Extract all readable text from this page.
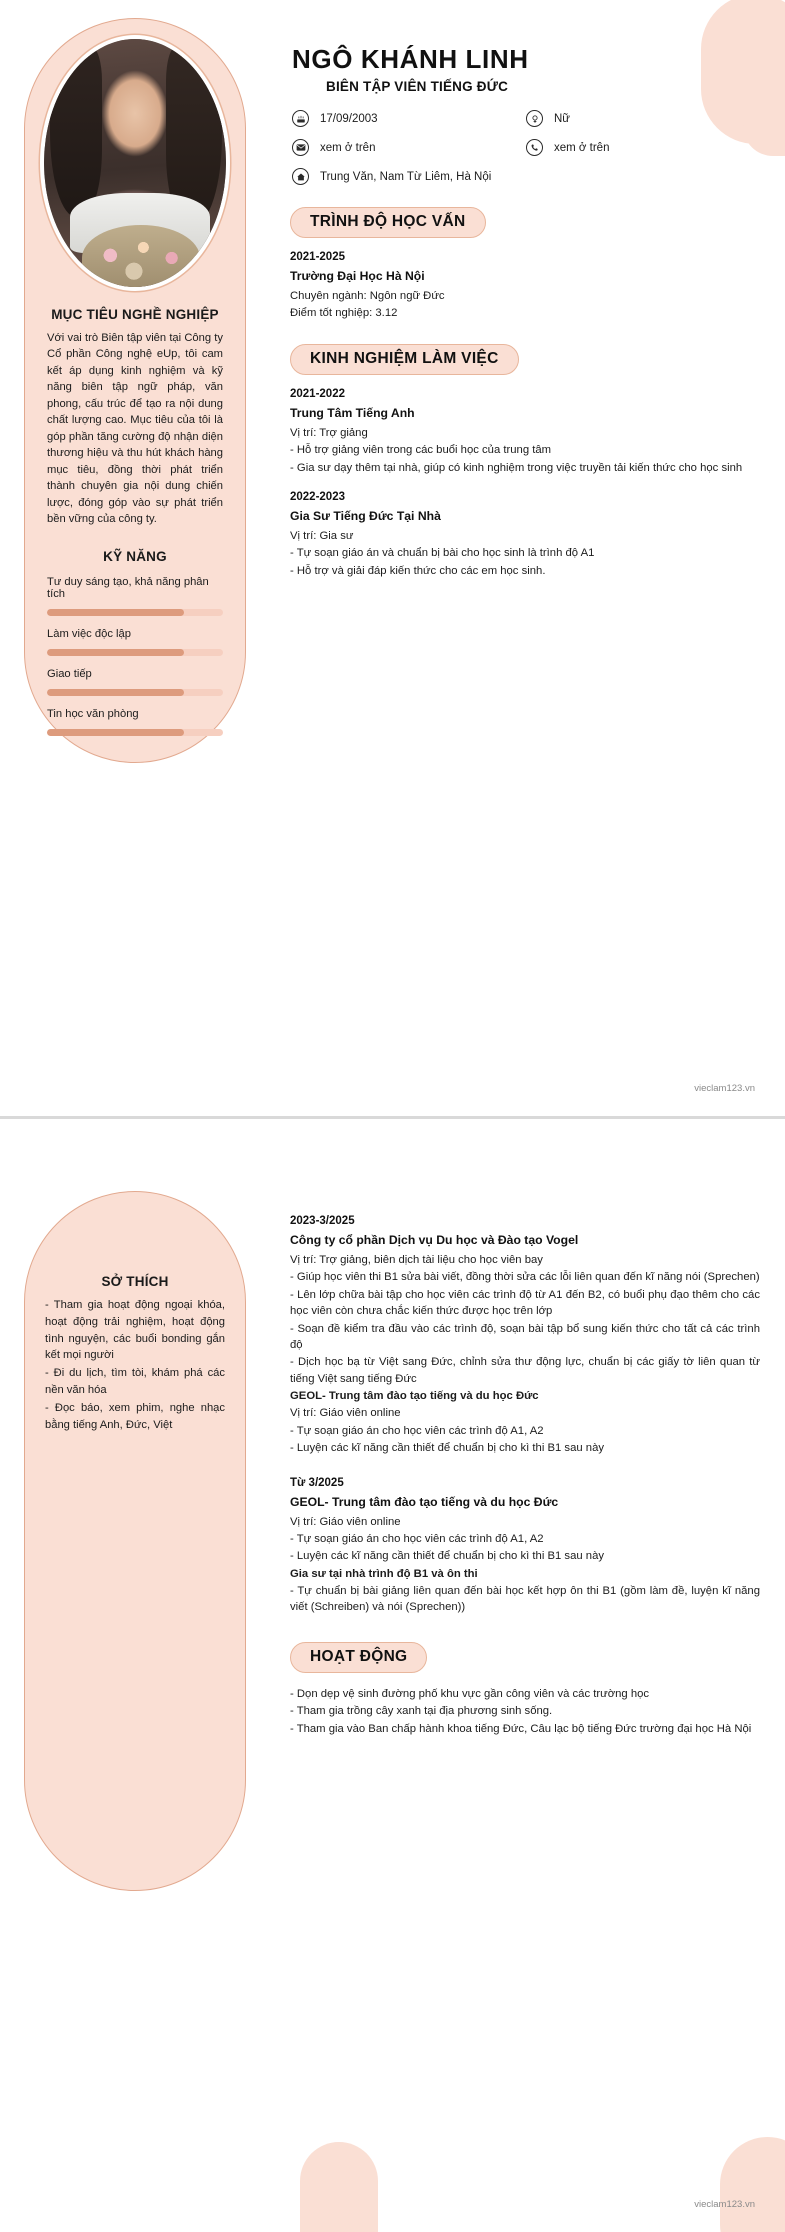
MỤC TIÊU NGHỀ NGHIỆP

Với vai trò Biên tập viên tại Công ty Cổ phần Công nghệ eUp, tôi cam kết áp dụng kinh nghiệm và kỹ năng biên tập ngữ pháp, văn phong, cấu trúc để tạo ra nội dung chất lượng cao. Mục tiêu của tôi là góp phần tăng cường độ nhận diện thương hiệu và thu hút khách hàng mục tiêu, đồng thời phát triển thành chuyên gia nội dung chiến lược, đóng góp vào sự phát triển bền vững của công ty.

KỸ NĂNG
Tư duy sáng tạo, khả năng phân tích
Làm việc độc lập
Giao tiếp
Tin học văn phòng
NGÔ KHÁNH LINH
BIÊN TẬP VIÊN TIẾNG ĐỨC
17/09/2003	Nữ
xem ở trên	xem ở trên
Trung Văn, Nam Từ Liêm, Hà Nội
TRÌNH ĐỘ HỌC VẤN
2021-2025
Trường Đại Học Hà Nội
Chuyên ngành: Ngôn ngữ Đức
Điểm tốt nghiệp: 3.12
KINH NGHIỆM LÀM VIỆC
2021-2022
Trung Tâm Tiếng Anh
Vị trí: Trợ giảng
- Hỗ trợ giảng viên trong các buổi học của trung tâm
- Gia sư dạy thêm tại nhà, giúp có kinh nghiệm trong việc truyền tải kiến thức cho học sinh
2022-2023
Gia Sư Tiếng Đức Tại Nhà
Vị trí: Gia sư
- Tự soạn giáo án và chuẩn bị bài cho học sinh là trình độ A1
- Hỗ trợ và giải đáp kiến thức cho các em học sinh.
vieclam123.vn
SỞ THÍCH

- Tham gia hoạt động ngoại khóa, hoạt động trải nghiệm, hoạt động tình nguyện, các buổi bonding gắn kết mọi người

- Đi du lịch, tìm tòi, khám phá các nền văn hóa

- Đọc báo, xem phim, nghe nhạc bằng tiếng Anh, Đức, Việt

2023-3/2025
Công ty cổ phần Dịch vụ Du học và Đào tạo Vogel
Vị trí: Trợ giảng, biên dịch tài liệu cho học viên bay
- Giúp học viên thi B1 sửa bài viết, đồng thời sửa các lỗi liên quan đến kĩ năng nói (Sprechen)
- Lên lớp chữa bài tập cho học viên các trình độ từ A1 đến B2, có buổi phụ đạo thêm cho các học viên còn chưa chắc kiến thức được học trên lớp
- Soạn đề kiểm tra đầu vào các trình độ, soạn bài tập bổ sung kiến thức cho tất cả các trình độ
- Dịch học bạ từ Việt sang Đức, chỉnh sửa thư động lực, chuẩn bị các giấy tờ liên quan từ tiếng Việt sang tiếng Đức
GEOL- Trung tâm đào tạo tiếng và du học Đức
Vị trí: Giáo viên online
- Tự soạn giáo án cho học viên các trình độ A1, A2
- Luyện các kĩ năng cần thiết để chuẩn bị cho kì thi B1 sau này
Từ 3/2025
GEOL- Trung tâm đào tạo tiếng và du học Đức
Vị trí: Giáo viên online
- Tự soạn giáo án cho học viên các trình độ A1, A2
- Luyện các kĩ năng cần thiết để chuẩn bị cho kì thi B1 sau này
Gia sư tại nhà trình độ B1 và ôn thi
- Tự chuẩn bị bài giảng liên quan đến bài học kết hợp ôn thi B1 (gồm làm đề, luyện kĩ năng viết (Schreiben) và nói (Sprechen))
HOẠT ĐỘNG
- Dọn dẹp vệ sinh đường phố khu vực gần công viên và các trường học
- Tham gia trồng cây xanh tại địa phương sinh sống.
- Tham gia vào Ban chấp hành khoa tiếng Đức, Câu lạc bộ tiếng Đức trường đại học Hà Nội
vieclam123.vn
